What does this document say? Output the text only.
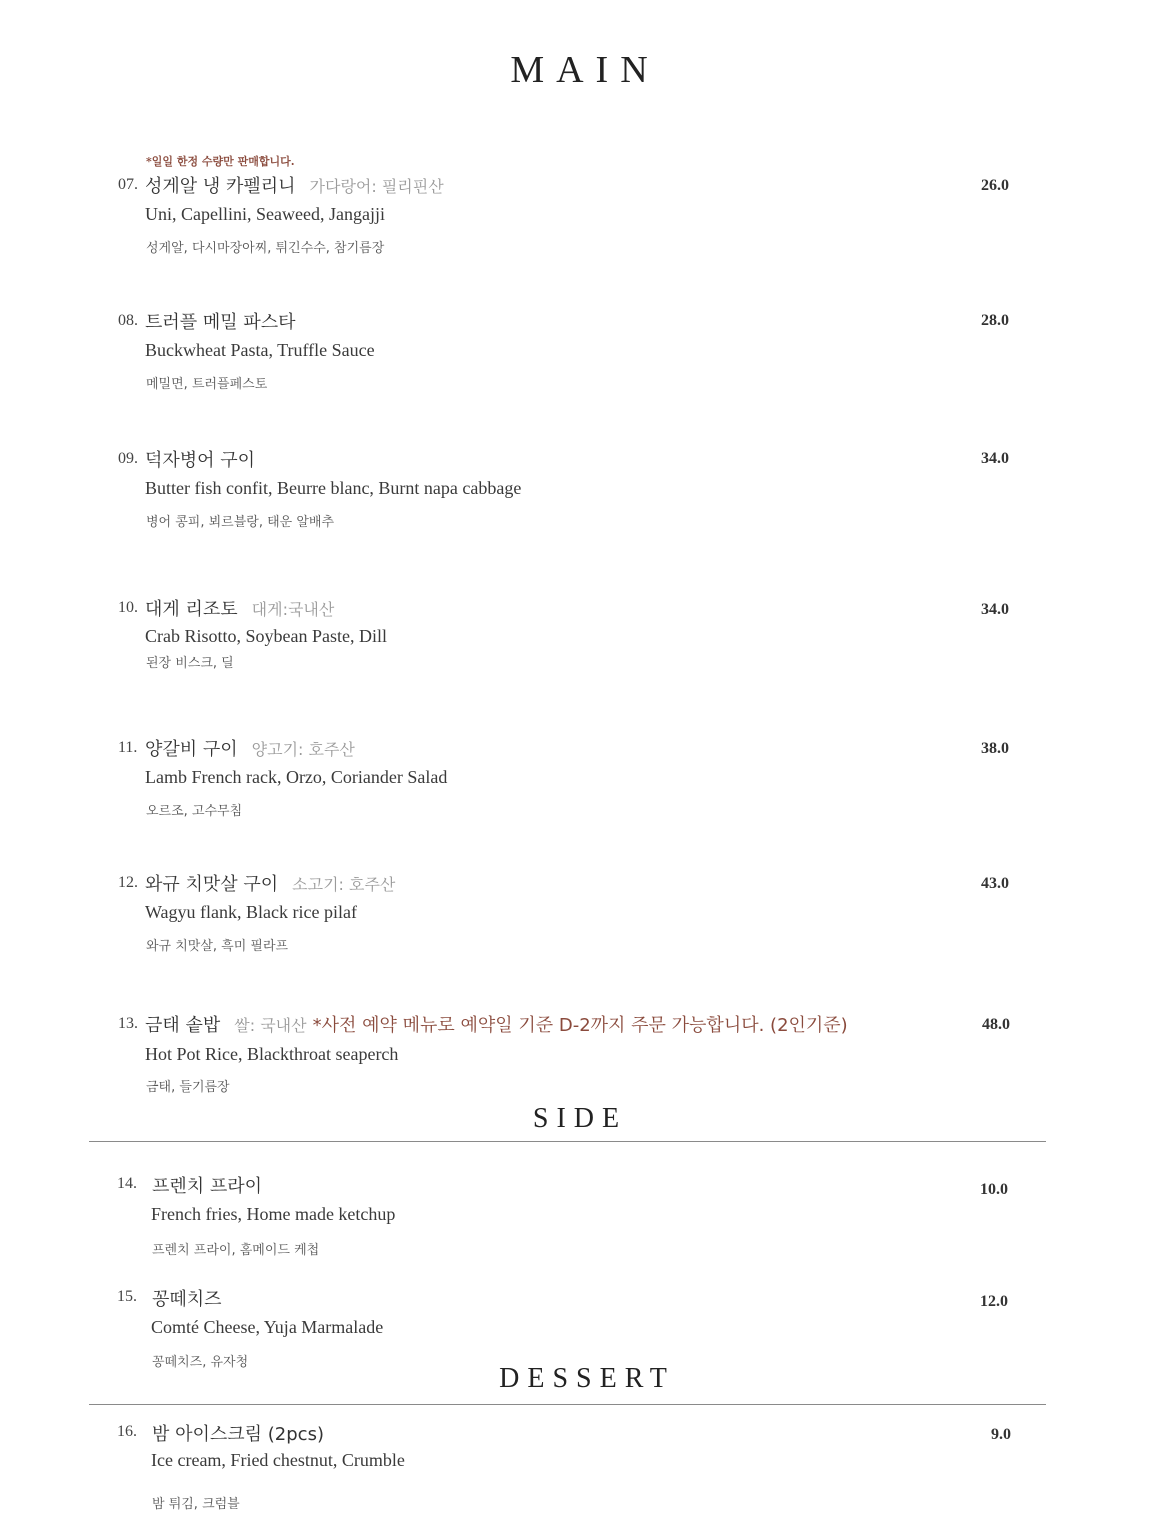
MAIN
*일일 한정 수량만 판매합니다.
07. 성게알 냉 카펠리니 가다랑어: 필리핀산
Uni, Capellini, Seaweed, Jangajji
성게알, 다시마장아찌, 튀긴수수, 참기름장
26.0
08. 트러플 메밀 파스타
Buckwheat Pasta, Truffle Sauce
메밀면, 트러플페스토
28.0
09. 덕자병어 구이
Butter fish confit, Beurre blanc, Burnt napa cabbage
병어 콩피, 뵈르블랑, 태운 알배추
34.0
10. 대게 리조토 대게:국내산
Crab Risotto, Soybean Paste, Dill
된장 비스크, 딜
34.0
11. 양갈비 구이 양고기: 호주산
Lamb French rack, Orzo, Coriander Salad
오르조, 고수무침
38.0
12. 와규 치맛살 구이 소고기: 호주산
Wagyu flank, Black rice pilaf
와규 치맛살, 흑미 필라프
43.0
13. 금태 솥밥 쌀: 국내산 *사전 예약 메뉴로 예약일 기준 D-2까지 주문 가능합니다. (2인기준)
Hot Pot Rice, Blackthroat seaperch
금태, 들기름장
48.0
SIDE
14. 프렌치 프라이
French fries, Home made ketchup
프렌치 프라이, 홈메이드 케첩
10.0
15. 꽁떼치즈
Comté Cheese, Yuja Marmalade
꽁떼치즈, 유자청
12.0
DESSERT
16. 밤 아이스크림 (2pcs)
Ice cream, Fried chestnut, Crumble
밤 튀김, 크럼블
9.0
